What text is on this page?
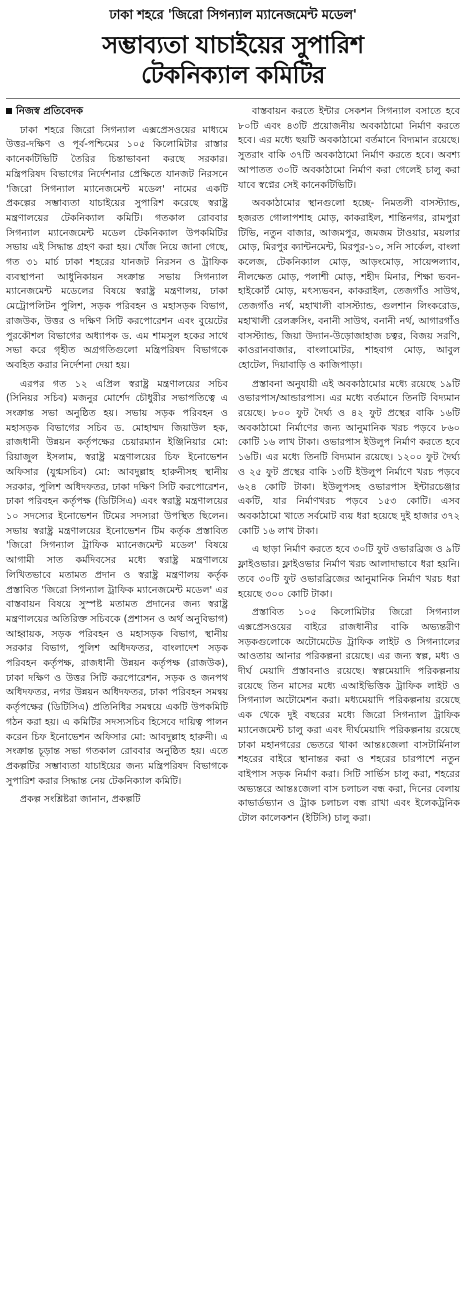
ঢাকা শহরে 'জিরো সিগন্যাল ম্যানেজমেন্ট মডেল'
সম্ভাব্যতা যাচাইয়ের সুপারিশ
টেকনিক্যাল কমিটির
নিজস্ব প্রতিবেদক

ঢাকা শহরে জিরো সিগন্যাল এক্সপ্রেসওয়ের মাধ্যমে উত্তর-দক্ষিণ ও পূর্ব-পশ্চিমের ১০৫ কিলোমিটার রাস্তার কানেকটিভিটি তৈরির চিন্তাভাবনা করছে সরকার। মন্ত্রিপরিষদ বিভাগের নির্দেশনার প্রেক্ষিতে যানজট নিরসনে 'জিরো সিগন্যাল ম্যানেজমেন্ট মডেল' নামের একটি প্রকল্পের সম্ভাব্যতা যাচাইয়ের সুপারিশ করেছে স্বরাষ্ট্র মন্ত্রণালয়ের টেকনিক্যাল কমিটি। গতকাল রোববার সিগন্যাল ম্যানেজমেন্ট মডেল টেকনিক্যাল উপকমিটির সভায় এই সিদ্ধান্ত গ্রহণ করা হয়। খোঁজ নিয়ে জানা গেছে, গত ৩১ মার্চ ঢাকা শহরের যানজট নিরসন ও ট্রাফিক ব্যবস্থাপনা আধুনিকায়ন সংক্রান্ত সভায় সিগন্যাল ম্যানেজমেন্ট মডেলের বিষয়ে স্বরাষ্ট্র মন্ত্রণালয়, ঢাকা মেট্রোপলিটন পুলিশ, সড়ক পরিবহন ও মহাসড়ক বিভাগ, রাজউক, উত্তর ও দক্ষিণ সিটি করপোরেশন এবং বুয়েটের পুরকৌশল বিভাগের অধ্যাপক ড. এম শামসুল হকের সাথে সভা করে গৃহীত অগ্রগতিগুলো মন্ত্রিপরিষদ বিভাগকে অবহিত করার নির্দেশনা দেয়া হয়।

এরপর গত ১২ এপ্রিল স্বরাষ্ট্র মন্ত্রণালয়ের সচিব (সিনিয়র সচিব) মজনুর মোর্শেদ চৌধুরীর সভাপতিত্বে এ সংক্রান্ত সভা অনুষ্ঠিত হয়। সভায় সড়ক পরিবহন ও মহাসড়ক বিভাগের সচিব ড. মোহাম্মদ জিয়াউল হক, রাজধানী উন্নয়ন কর্তৃপক্ষের চেয়ারম্যান ইঞ্জিনিয়ার মো: রিয়াজুল ইসলাম, স্বরাষ্ট্র মন্ত্রণালয়ের চিফ ইনোভেশন অফিসার (যুগ্মসচিব) মো: আবদুল্লাহ হারুনীসহ স্থানীয় সরকার, পুলিশ অধিদফতর, ঢাকা দক্ষিণ সিটি করপোরেশন, ঢাকা পরিবহন কর্তৃপক্ষ (ডিটিসিএ) এবং স্বরাষ্ট্র মন্ত্রণালয়ের ১০ সদস্যের ইনোভেশন টিমের সদস্যরা উপস্থিত ছিলেন। সভায় স্বরাষ্ট্র মন্ত্রণালয়ের ইনোভেশন টিম কর্তৃক প্রস্তাবিত 'জিরো সিগন্যাল ট্রাফিক ম্যানেজমেন্ট মডেল' বিষয়ে আগামী সাত কর্মদিবসের মধ্যে স্বরাষ্ট্র মন্ত্রণালয়ে লিখিতভাবে মতামত প্রদান ও স্বরাষ্ট্র মন্ত্রণালয় কর্তৃক প্রস্তাবিত 'জিরো সিগন্যাল ট্রাফিক ম্যানেজমেন্ট মডেল' এর বাস্তবায়ন বিষয়ে সুস্পষ্ট মতামত প্রদানের জন্য স্বরাষ্ট্র মন্ত্রণালয়ের অতিরিক্ত সচিবকে (প্রশাসন ও অর্থ অনুবিভাগ) আহ্বায়ক, সড়ক পরিবহন ও মহাসড়ক বিভাগ, স্থানীয় সরকার বিভাগ, পুলিশ অধিদফতর, বাংলাদেশ সড়ক পরিবহন কর্তৃপক্ষ, রাজধানী উন্নয়ন কর্তৃপক্ষ (রাজউক), ঢাকা দক্ষিণ ও উত্তর সিটি করপোরেশন, সড়ক ও জনপথ অধিদফতর, নগর উন্নয়ন অধিদফতর, ঢাকা পরিবহন সমন্বয় কর্তৃপক্ষের (ডিটিসিএ) প্রতিনিধির সমন্বয়ে একটি উপকমিটি গঠন করা হয়। এ কমিটির সদস্যসচিব হিসেবে দায়িত্ব পালন করেন চিফ ইনোভেশন অফিসার মো: আবদুল্লাহ হারুনী। এ সংক্রান্ত চূড়ান্ত সভা গতকাল রোববার অনুষ্ঠিত হয়। এতে প্রকল্পটির সম্ভাব্যতা যাচাইয়ের জন্য মন্ত্রিপরিষদ বিভাগকে সুপারিশ করার সিদ্ধান্ত নেয় টেকনিক্যাল কমিটি।

প্রকল্প সংশ্লিষ্টরা জানান, প্রকল্পটি

বাস্তবায়ন করতে ইন্টার সেকশন সিগন্যাল বসাতে হবে ৮০টি এবং ৪৩টি প্রয়োজনীয় অবকাঠামো নির্মাণ করতে হবে। এর মধ্যে ছয়টি অবকাঠামো বর্তমানে বিদ্যমান রয়েছে। সুতরাং বাকি ৩৭টি অবকাঠামো নির্মাণ করতে হবে। অবশ্য আপাতত ৩০টি অবকাঠামো নির্মাণ করা গেলেই চালু করা যাবে স্বপ্নের সেই কানেকটিভিটি।

অবকাঠামোর স্থানগুলো হচ্ছে- নিমতলী বাসস্ট্যান্ড, হজরত গোলাপশাহ মোড়, কাকরাইল, শান্তিনগর, রামপুরা টিভি, নতুন বাজার, আজমপুর, জমজম টাওয়ার, ময়লার মোড়, মিরপুর ক্যান্টনমেন্ট, মিরপুর-১০, সনি সার্কেল, বাংলা কলেজ, টেকনিক্যাল মোড়, আড়ংমোড়, সায়েন্সল্যাব, নীলক্ষেত মোড়, পলাশী মোড়, শহীদ মিনার, শিক্ষা ভবন-হাইকোর্ট মোড়, মৎস্যভবন, কাকরাইল, তেজগাঁও সাউথ, তেজগাঁও নর্থ, মহাখালী বাসস্ট্যান্ড, গুলশান লিংকরোড, মহাখালী রেলক্রসিং, বনানী সাউথ, বনানী নর্থ, আগারগাঁও বাসস্ট্যান্ড, জিয়া উদ্যান-উড়োজাহাজ চত্বর, বিজয় সরণি, কাওরানবাজার, বাংলামোটর, শাহবাগ মোড়, আবুল হোটেল, দিয়াবাড়ি ও কাজিপাড়া।

প্রস্তাবনা অনুযায়ী এই অবকাঠামোর মধ্যে রয়েছে ১৯টি ওভারপাস/আন্ডারপাস। এর মধ্যে বর্তমানে তিনটি বিদ্যমান রয়েছে। ৮০০ ফুট দৈর্ঘ্য ও ৪২ ফুট প্রস্থের বাকি ১৬টি অবকাঠামো নির্মাণের জন্য আনুমানিক খরচ পড়বে ৮৬০ কোটি ১৬ লাখ টাকা। ওভারপাস ইউলুপ নির্মাণ করতে হবে ১৬টি। এর মধ্যে তিনটি বিদ্যমান রয়েছে। ১২০০ ফুট দৈর্ঘ্য ও ২৫ ফুট প্রস্থের বাকি ১৩টি ইউলুপ নির্মাণে খরচ পড়বে ৬২৪ কোটি টাকা। ইউলুপসহ ওভারপাস ইন্টারচেঞ্জার একটি, যার নির্মাণখরচ পড়বে ১৫৩ কোটি। এসব অবকাঠামো খাতে সর্বমোট ব্যয় ধরা হয়েছে দুই হাজার ৩৭২ কোটি ১৬ লাখ টাকা।

এ ছাড়া নির্মাণ করতে হবে ৩০টি ফুট ওভারব্রিজ ও ৯টি ফ্লাইওভার। ফ্লাইওভার নির্মাণ খরচ আলাদাভাবে ধরা হয়নি। তবে ৩০টি ফুট ওভারব্রিজের আনুমানিক নির্মাণ খরচ ধরা হয়েছে ৩০০ কোটি টাকা।

প্রস্তাবিত ১০৫ কিলোমিটার জিরো সিগন্যাল এক্সপ্রেসওয়ের বাইরে রাজধানীর বাকি অভ্যন্তরীণ সড়কগুলোকে অটোমেটেড ট্রাফিক লাইট ও সিগন্যালের আওতায় আনার পরিকল্পনা রয়েছে। এর জন্য স্বল্প, মধ্য ও দীর্ঘ মেয়াদি প্রস্তাবনাও রয়েছে। স্বল্পমেয়াদি পরিকল্পনায় রয়েছে তিন মাসের মধ্যে এআইভিত্তিক ট্রাফিক লাইট ও সিগন্যাল অটোমেশন করা। মধ্যমেয়াদি পরিকল্পনায় রয়েছে এক থেকে দুই বছরের মধ্যে জিরো সিগন্যাল ট্রাফিক ম্যানেজমেন্ট চালু করা এবং দীর্ঘমেয়াদি পরিকল্পনায় রয়েছে ঢাকা মহানগরের ভেতরে থাকা আন্তঃজেলা বাসটার্মিনাল শহরের বাইরে স্থানান্তর করা ও শহরের চারপাশে নতুন বাইপাস সড়ক নির্মাণ করা। সিটি সার্ভিস চালু করা, শহরের অভ্যন্তরে আন্তঃজেলা বাস চলাচল বন্ধ করা, দিনের বেলায় কাভার্ডভ্যান ও ট্রাক চলাচল বন্ধ রাখা এবং ইলেকট্রনিক টোল কালেকশন (ইটিসি) চালু করা।
